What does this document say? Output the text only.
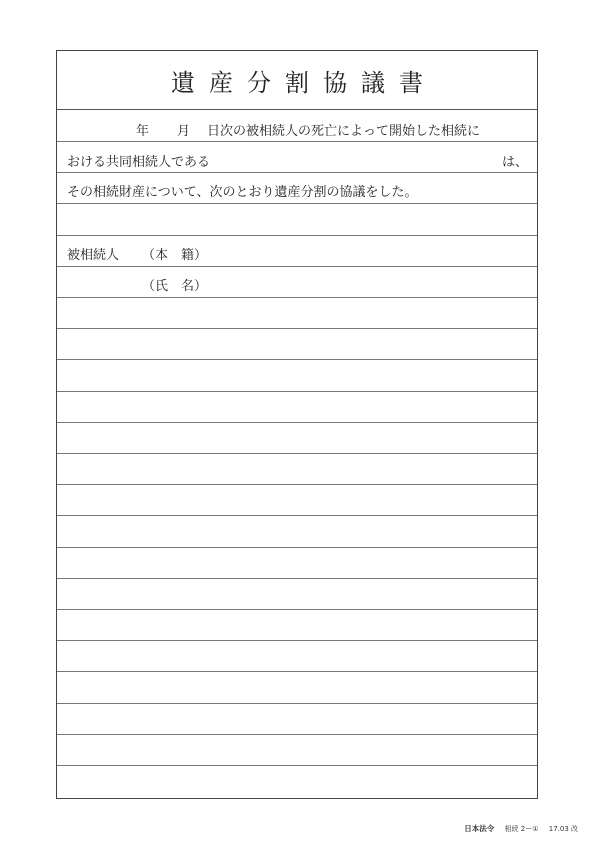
遺産分割協議書
年 月 日次の被相続人の死亡によって開始した相続に
おける共同相続人である	は、
その相続財産について、次のとおり遺産分割の協議をした。
被相続人 （本　籍）
（氏　名）
日本法令 相続 2ー① 17.03 改
